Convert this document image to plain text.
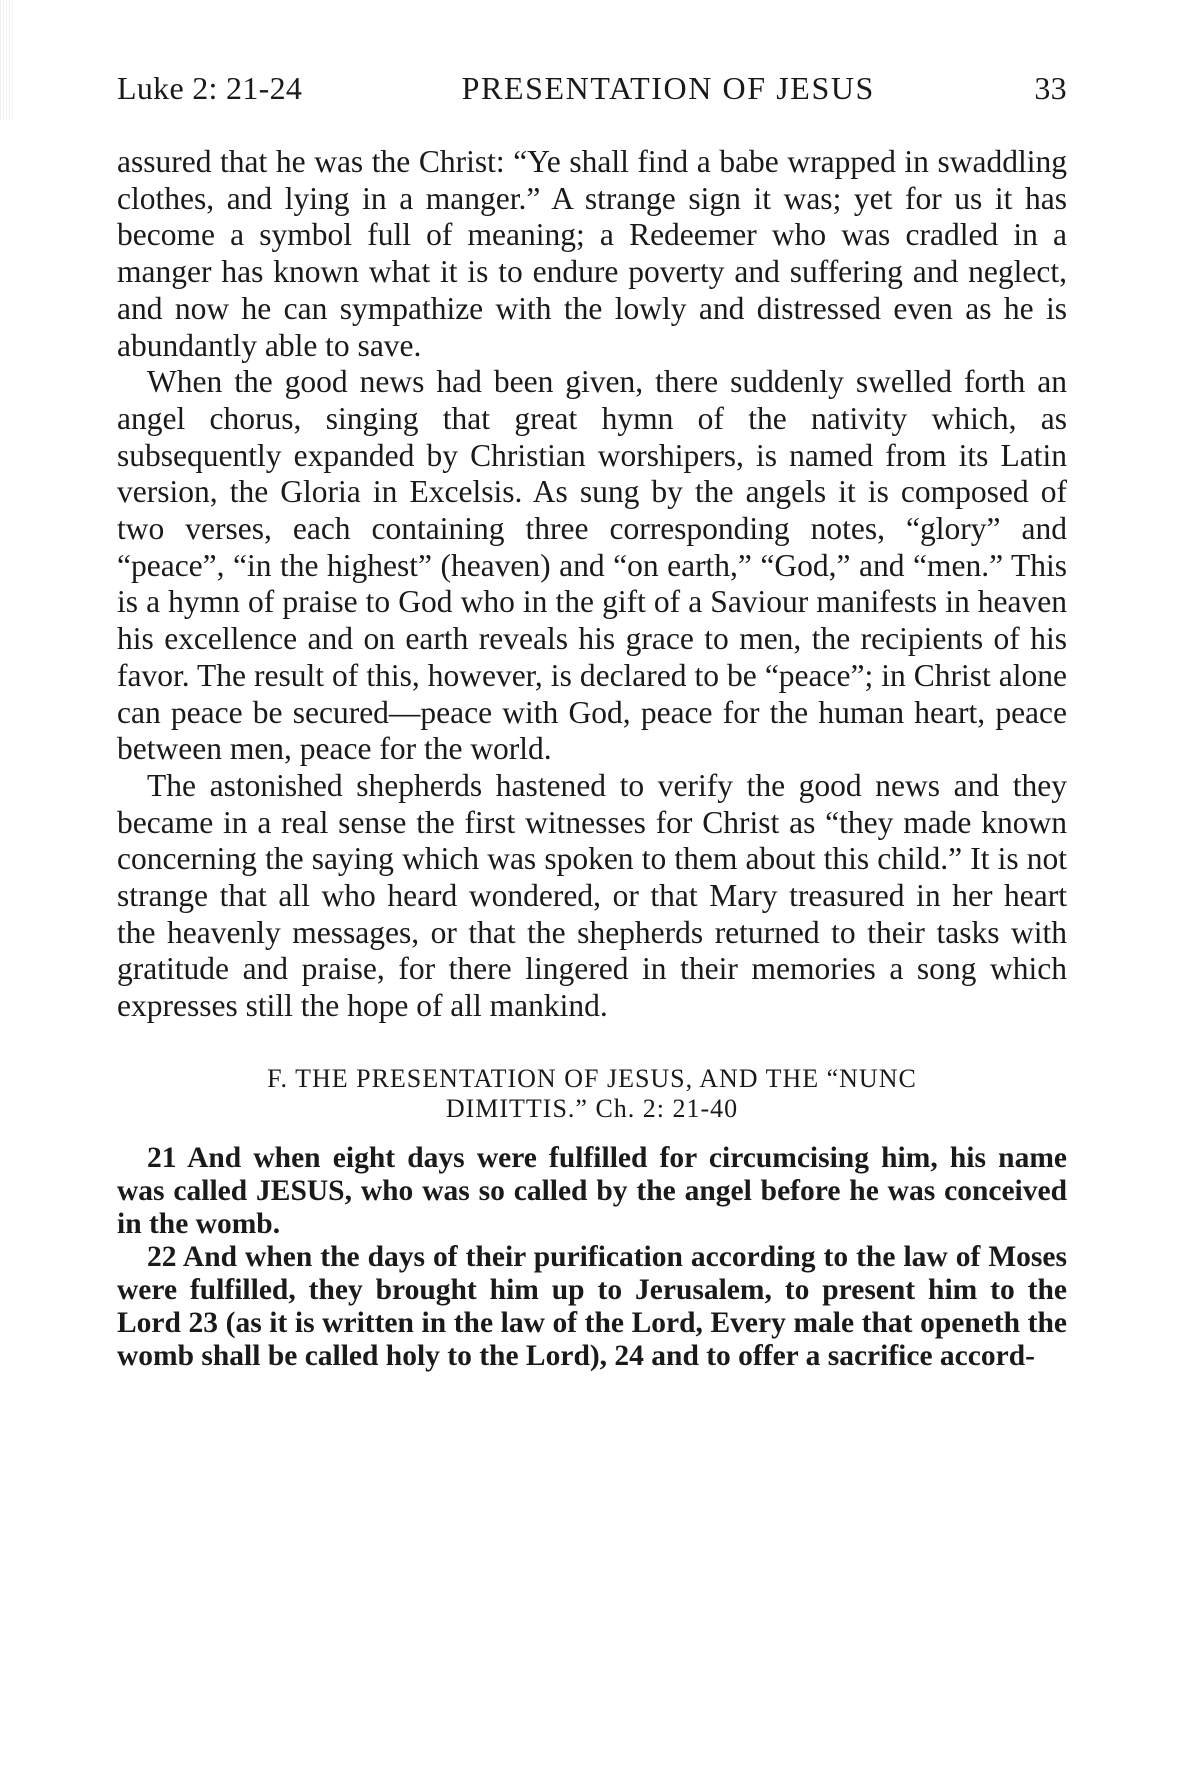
Luke 2: 21-24	PRESENTATION OF JESUS	33

assured that he was the Christ: “Ye shall find a babe wrapped in swaddling clothes, and lying in a manger.” A strange sign it was; yet for us it has become a symbol full of meaning; a Redeemer who was cradled in a manger has known what it is to endure poverty and suffering and neglect, and now he can sympathize with the lowly and distressed even as he is abundantly able to save.

When the good news had been given, there suddenly swelled forth an angel chorus, singing that great hymn of the nativity which, as subsequently expanded by Christian worshipers, is named from its Latin version, the Gloria in Excelsis. As sung by the angels it is composed of two verses, each containing three corresponding notes, “glory” and “peace”, “in the highest” (heaven) and “on earth,” “God,” and “men.” This is a hymn of praise to God who in the gift of a Saviour manifests in heaven his excellence and on earth reveals his grace to men, the recipients of his favor. The result of this, however, is declared to be “peace”; in Christ alone can peace be secured—peace with God, peace for the human heart, peace between men, peace for the world.

The astonished shepherds hastened to verify the good news and they became in a real sense the first witnesses for Christ as “they made known concerning the saying which was spoken to them about this child.” It is not strange that all who heard wondered, or that Mary treasured in her heart the heavenly messages, or that the shepherds returned to their tasks with gratitude and praise, for there lingered in their memories a song which expresses still the hope of all mankind.

F. THE PRESENTATION OF JESUS, AND THE “NUNC
DIMITTIS.” Ch. 2: 21-40

21 And when eight days were fulfilled for circumcising him, his name was called JESUS, who was so called by the angel before he was conceived in the womb.

22 And when the days of their purification according to the law of Moses were fulfilled, they brought him up to Jerusalem, to present him to the Lord 23 (as it is written in the law of the Lord, Every male that openeth the womb shall be called holy to the Lord), 24 and to offer a sacrifice accord-
